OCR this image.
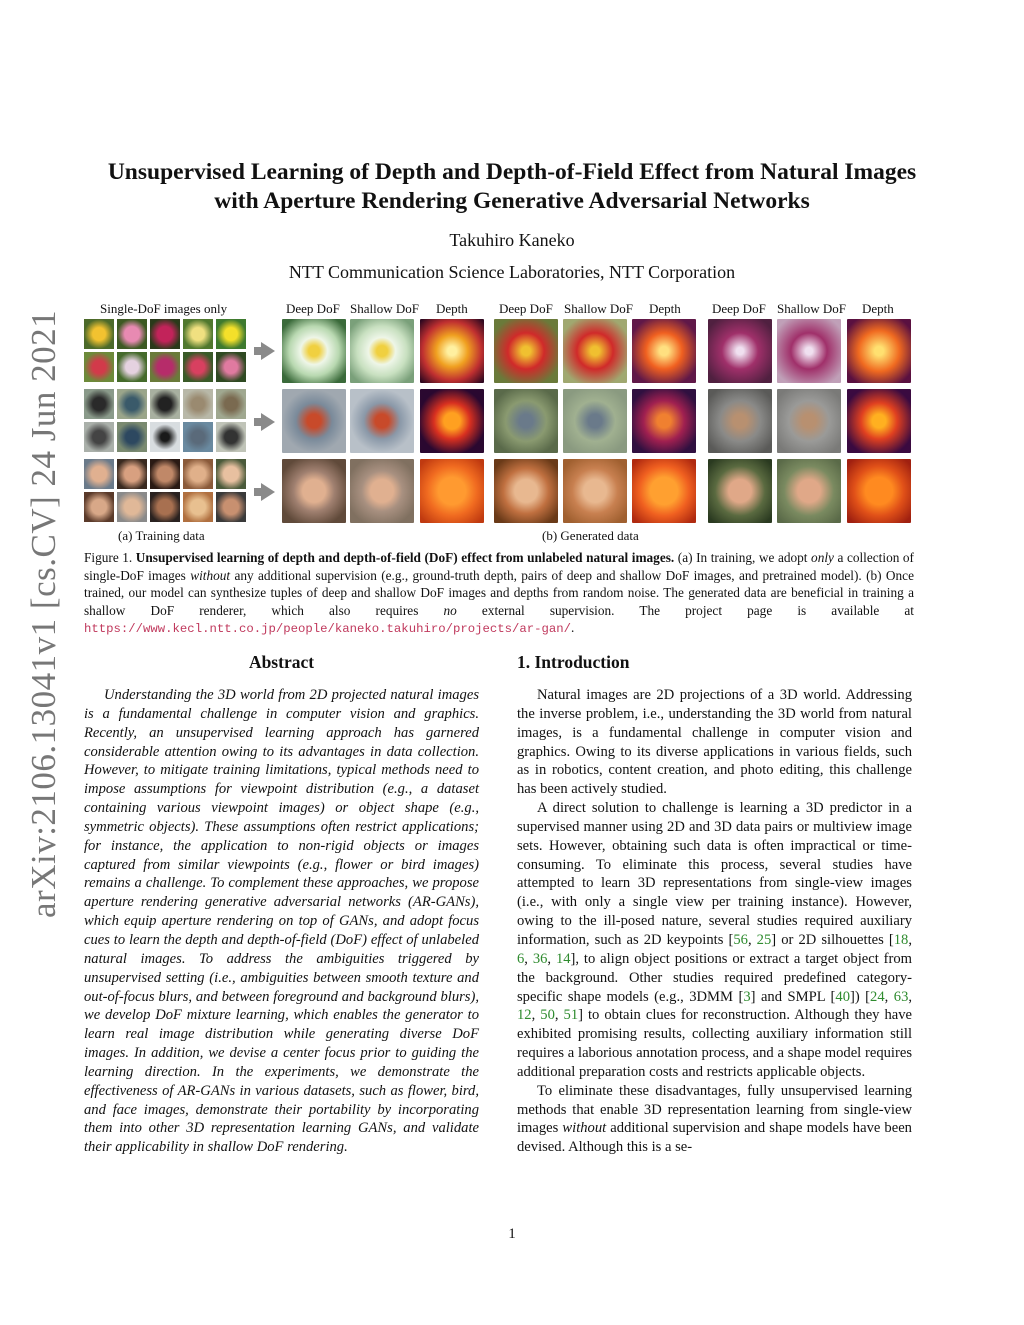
Unsupervised Learning of Depth and Depth-of-Field Effect from Natural Images
with Aperture Rendering Generative Adversarial Networks
Takuhiro Kaneko
NTT Communication Science Laboratories, NTT Corporation
arXiv:2106.13041v1 [cs.CV] 24 Jun 2021
Single-DoF images only	Deep DoF Shallow DoF Depth Deep DoF Shallow DoF Depth Deep DoF Shallow DoF Depth
(a) Training data	(b) Generated data
Figure 1. Unsupervised learning of depth and depth-of-field (DoF) effect from unlabeled natural images. (a) In training, we adopt only a collection of single-DoF images without any additional supervision (e.g., ground-truth depth, pairs of deep and shallow DoF images, and pretrained model). (b) Once trained, our model can synthesize tuples of deep and shallow DoF images and depths from random noise. The generated data are beneficial in training a shallow DoF renderer, which also requires no external supervision. The project page is available at https://www.kecl.ntt.co.jp/people/kaneko.takuhiro/projects/ar-gan/.
Abstract

Understanding the 3D world from 2D projected natural images is a fundamental challenge in computer vision and graphics. Recently, an unsupervised learning approach has garnered considerable attention owing to its advantages in data collection. However, to mitigate training limitations, typical methods need to impose assumptions for viewpoint distribution (e.g., a dataset containing various viewpoint images) or object shape (e.g., symmetric objects). These assumptions often restrict applications; for instance, the application to non-rigid objects or images captured from similar viewpoints (e.g., flower or bird images) remains a challenge. To complement these approaches, we propose aperture rendering generative adversarial networks (AR-GANs), which equip aperture rendering on top of GANs, and adopt focus cues to learn the depth and depth-of-field (DoF) effect of unlabeled natural images. To address the ambiguities triggered by unsupervised setting (i.e., ambiguities between smooth texture and out-of-focus blurs, and between foreground and background blurs), we develop DoF mixture learning, which enables the generator to learn real image distribution while generating diverse DoF images. In addition, we devise a center focus prior to guiding the learning direction. In the experiments, we demonstrate the effectiveness of AR-GANs in various datasets, such as flower, bird, and face images, demonstrate their portability by incorporating them into other 3D representation learning GANs, and validate their applicability in shallow DoF rendering.

1. Introduction

Natural images are 2D projections of a 3D world. Addressing the inverse problem, i.e., understanding the 3D world from natural images, is a fundamental challenge in computer vision and graphics. Owing to its diverse applications in various fields, such as in robotics, content creation, and photo editing, this challenge has been actively studied.

A direct solution to challenge is learning a 3D predictor in a supervised manner using 2D and 3D data pairs or multiview image sets. However, obtaining such data is often impractical or time-consuming. To eliminate this process, several studies have attempted to learn 3D representations from single-view images (i.e., with only a single view per training instance). However, owing to the ill-posed nature, several studies required auxiliary information, such as 2D keypoints [56, 25] or 2D silhouettes [18, 6, 36, 14], to align object positions or extract a target object from the background. Other studies required predefined category-specific shape models (e.g., 3DMM [3] and SMPL [40]) [24, 63, 12, 50, 51] to obtain clues for reconstruction. Although they have exhibited promising results, collecting auxiliary information still requires a laborious annotation process, and a shape model requires additional preparation costs and restricts applicable objects.

To eliminate these disadvantages, fully unsupervised learning methods that enable 3D representation learning from single-view images without additional supervision and shape models have been devised. Although this is a se-

1
